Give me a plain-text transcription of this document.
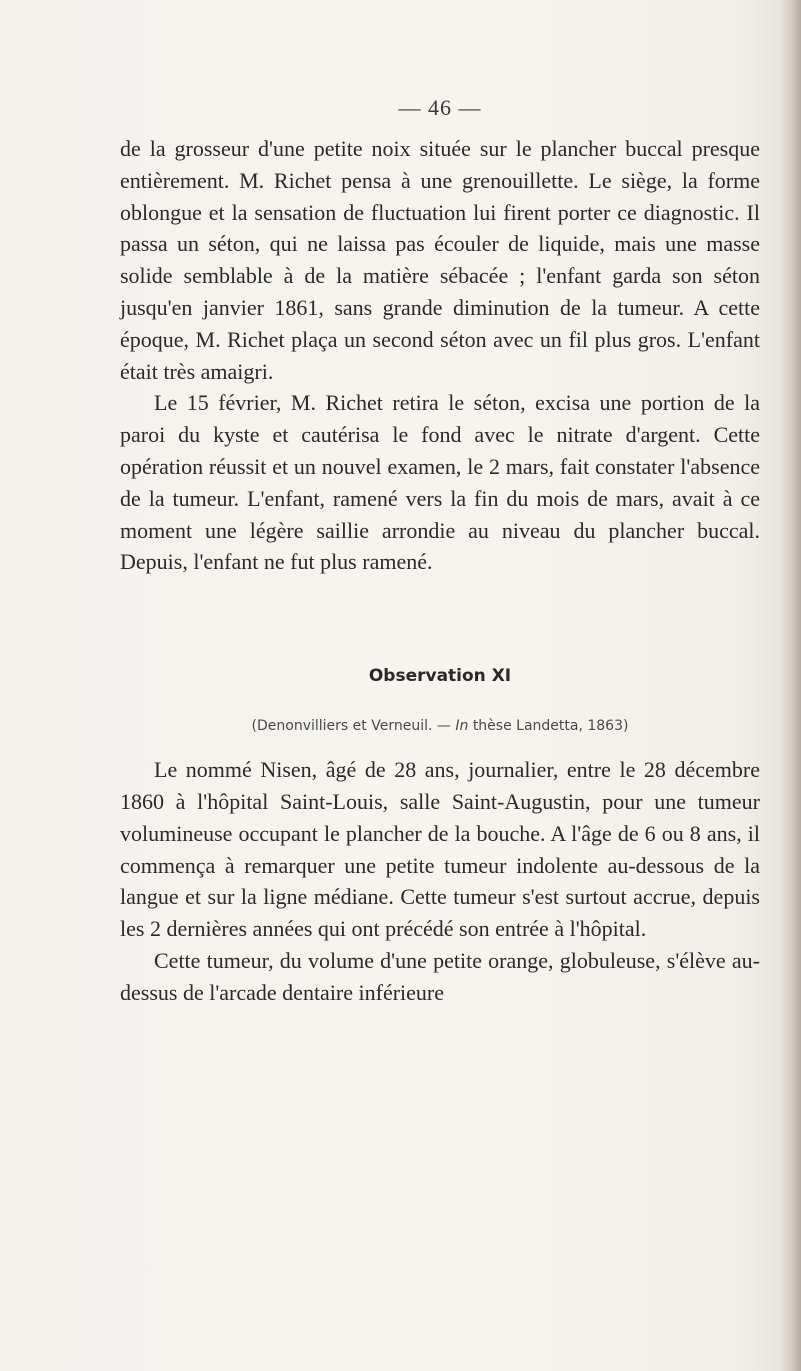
— 46 —

de la grosseur d'une petite noix située sur le plancher buccal presque entièrement. M. Richet pensa à une grenouillette. Le siège, la forme oblongue et la sensation de fluctuation lui firent porter ce diagnostic. Il passa un séton, qui ne laissa pas écouler de liquide, mais une masse solide semblable à de la matière sébacée ; l'enfant garda son séton jusqu'en janvier 1861, sans grande diminution de la tumeur. A cette époque, M. Richet plaça un second séton avec un fil plus gros. L'enfant était très amaigri.

Le 15 février, M. Richet retira le séton, excisa une portion de la paroi du kyste et cautérisa le fond avec le nitrate d'argent. Cette opération réussit et un nouvel examen, le 2 mars, fait constater l'absence de la tumeur. L'enfant, ramené vers la fin du mois de mars, avait à ce moment une légère saillie arrondie au niveau du plancher buccal. Depuis, l'enfant ne fut plus ramené.

Observation XI
(Denonvilliers et Verneuil. — In thèse Landetta, 1863)

Le nommé Nisen, âgé de 28 ans, journalier, entre le 28 décembre 1860 à l'hôpital Saint-Louis, salle Saint-Augustin, pour une tumeur volumineuse occupant le plancher de la bouche. A l'âge de 6 ou 8 ans, il commença à remarquer une petite tumeur indolente au-dessous de la langue et sur la ligne médiane. Cette tumeur s'est surtout accrue, depuis les 2 dernières années qui ont précédé son entrée à l'hôpital.

Cette tumeur, du volume d'une petite orange, globuleuse, s'élève au-dessus de l'arcade dentaire inférieure
